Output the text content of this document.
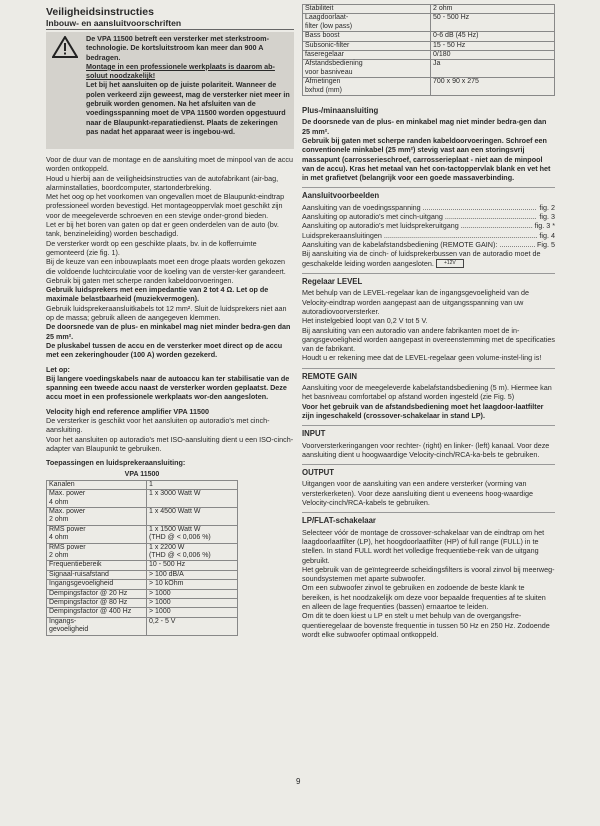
Veiligheidsinstructies

Inbouw- en aansluitvoorschriften

De VPA 11500 betreft een versterker met sterkstroom-technologie. De kortsluitstroom kan meer dan 900 A bedragen.

Montage in een professionele werkplaats is daarom ab-soluut noodzakelijk!

Let bij het aansluiten op de juiste polariteit. Wanneer de polen verkeerd zijn geweest, mag de versterker niet meer in gebruik worden genomen. Na het afsluiten van de voedingsspanning moet de VPA 11500 worden opgestuurd naar de Blaupunkt-reparatiedienst. Plaats de zekeringen pas nadat het apparaat weer is ingebou-wd.

Voor de duur van de montage en de aansluiting moet de minpool van de accu worden ontkoppeld.

Houd u hierbij aan de veiligheidsinstructies van de autofabrikant (air-bag, alarminstallaties, boordcomputer, startonderbreking.

Met het oog op het voorkomen van ongevallen moet de Blaupunkt-eindtrap professioneel worden bevestigd. Het montageoppervlak moet geschikt zijn voor de meegeleverde schroeven en een stevige onder-grond bieden.

Let er bij het boren van gaten op dat er geen onderdelen van de auto (bv. tank, benzineleiding) worden beschadigd.

De versterker wordt op een geschikte plaats, bv. in de kofferruimte gemonteerd (zie fig. 1).

Bij de keuze van een inbouwplaats moet een droge plaats worden gekozen die voldoende luchtcirculatie voor de koeling van de verster-ker garandeert.

Gebruik bij gaten met scherpe randen kabeldoorvoeringen.

Gebruik luidsprekers met een impedantie van 2 tot 4 Ω. Let op de maximale belastbaarheid (muziekvermogen).

Gebruik luidsprekeraansluitkabels tot 12 mm². Sluit de luidsprekers niet aan op de massa; gebruik alleen de aangegeven klemmen.

De doorsnede van de plus- en minkabel mag niet minder bedra-gen dan 25 mm².

De pluskabel tussen de accu en de versterker moet direct op de accu met een zekeringhouder (100 A) worden gezekerd.

Let op:

Bij langere voedingskabels naar de autoaccu kan ter stabilisatie van de spanning een tweede accu naast de versterker worden geplaatst. Deze accu moet in een professionele werkplaats wor-den aangesloten.

Velocity high end reference amplifier VPA 11500

De versterker is geschikt voor het aansluiten op autoradio's met cinch-aansluiting.

Voor het aansluiten op autoradio's met ISO-aansluiting dient u een ISO-cinch-adapter van Blaupunkt te gebruiken.

Toepassingen en luidsprekeraansluiting:

VPA 11500
Kanalen	1
Max. power
4 ohm	1 x 3000 Watt W
Max. power
2 ohm	1 x 4500 Watt W
RMS power
4 ohm	1 x 1500 Watt W
(THD @ < 0,006 %)
RMS power
2 ohm	1 x 2200 W
(THD @ < 0,006 %)
Frequentiebereik	10 - 500 Hz
Signaal-ruisafstand	> 100 dB/A
Ingangsgevoeligheid	> 10 kOhm
Dempingsfactor @ 20 Hz	> 1000
Dempingsfactor @ 80 Hz	> 1000
Dempingsfactor @ 400 Hz	> 1000
Ingangs-
gevoeligheid	0,2 - 5 V
Stabiliteit	2 ohm
Laagdoorlaat-
filter (low pass)	50 - 500 Hz
Bass boost	0-6 dB (45 Hz)
Subsonic-filter	15 - 50 Hz
faseregelaar	0/180
Afstandsbediening
voor basniveau	Ja
Afmetingen
bxhxd (mm)	700 x 90 x 275

Plus-/minaansluiting

De doorsnede van de plus- en minkabel mag niet minder bedra-gen dan 25 mm².

Gebruik bij gaten met scherpe randen kabeldoorvoeringen. Schroef een conventionele minkabel (25 mm²) stevig vast aan een storingsvrij massapunt (carrosserieschroef, carrosserieplaat - niet aan de minpool van de accu). Kras het metaal van het con-tactoppervlak blank en vet het in met grafietvet (belangrijk voor een goede massaverbinding.

Aansluitvoorbeelden

Aansluiting van de voedingsspanning .....	fig. 2

Aansluiting op autoradio's met cinch-uitgang .....	fig. 3

Aansluiting op autoradio's met luidsprekeruitgang .....	fig. 3 *

Luidsprekeraansluitingen .....	fig. 4

Aansluiting van de kabelafstandsbediening (REMOTE GAIN): .....	Fig. 5

Bij aansluiting via de cinch- of luidsprekerbussen van de autoradio moet de geschakelde leiding worden aangesloten. +12V

Regelaar LEVEL

Met behulp van de LEVEL-regelaar kan de ingangsgevoeligheid van de Velocity-eindtrap worden aangepast aan de uitgangsspanning van uw autoradiovoorversterker.

Het instelgebied loopt van 0,2 V tot 5 V.

Bij aansluiting van een autoradio van andere fabrikanten moet de in-gangsgevoeligheid worden aangepast in overeenstemming met de specificaties van de fabrikant.

Houdt u er rekening mee dat de LEVEL-regelaar geen volume-instel-ling is!

REMOTE GAIN

Aansluiting voor de meegeleverde kabelafstandsbediening (5 m). Hiermee kan het basniveau comfortabel op afstand worden ingesteld (zie Fig. 5)

Voor het gebruik van de afstandsbediening moet het laagdoor-laatfilter zijn ingeschakeld (crossover-schakelaar in stand LP).

INPUT

Voorversterkeringangen voor rechter- (right) en linker- (left) kanaal. Voor deze aansluiting dient u hoogwaardige Velocity-cinch/RCA-ka-bels te gebruiken.

OUTPUT

Uitgangen voor de aansluiting van een andere versterker (vorming van versterkerketen). Voor deze aansluiting dient u eveneens hoog-waardige Velocity-cinch/RCA-kabels te gebruiken.

LP/FLAT-schakelaar

Selecteer vóór de montage de crossover-schakelaar van de eindtrap om het laagdoorlaatfilter (LP), het hoogdoorlaatfilter (HP) of full range (FULL) in te stellen. In stand FULL wordt het volledige frequentiebe-reik van de uitgang gebruikt.

Het gebruik van de geïntegreerde scheidingsfilters is vooral zinvol bij meerweg-soundsystemen met aparte subwoofer.

Om een subwoofer zinvol te gebruiken en zodoende de beste klank te bereiken, is het noodzakelijk om deze voor bepaalde frequenties af te sluiten en alleen de lage frequenties (bassen) ernaartoe te leiden.

Om dit te doen kiest u LP en stelt u met behulp van de overgangsfre-quentieregelaar de bovenste frequentie in tussen 50 Hz en 250 Hz. Zodoende wordt elke subwoofer optimaal ontkoppeld.

9
